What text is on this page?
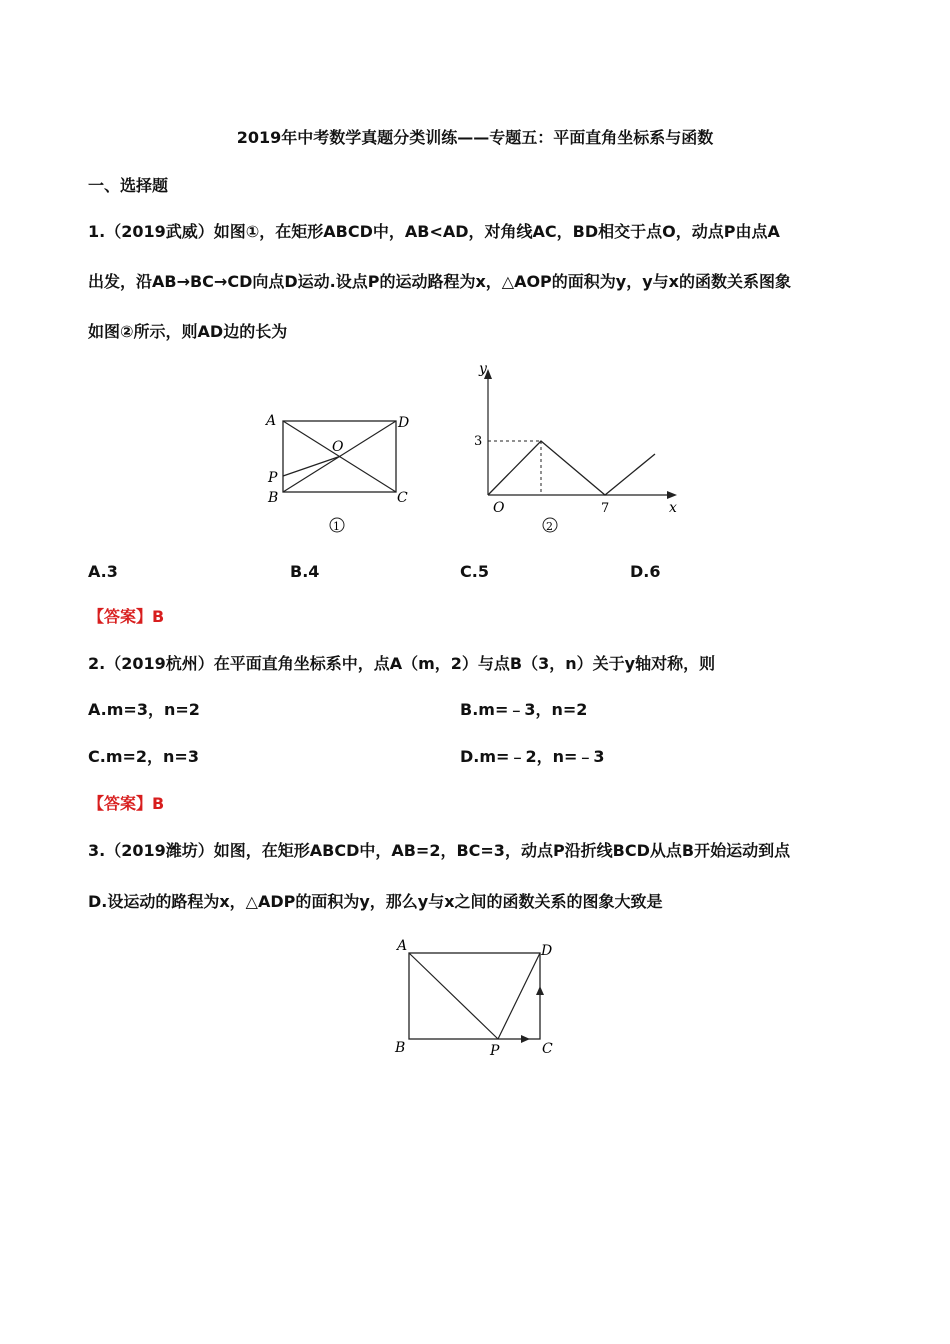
2019年中考数学真题分类训练——专题五：平面直角坐标系与函数
一、选择题
1.（2019武威）如图①，在矩形ABCD中，AB<AD，对角线AC，BD相交于点O，动点P由点A
出发，沿AB→BC→CD向点D运动.设点P的运动路程为x，△AOP的面积为y，y与x的函数关系图象
如图②所示，则AD边的长为
A	D
O
P
B	C
1
y
x
O
3
7
2
A.3	B.4	C.5	D.6
【答案】B
2.（2019杭州）在平面直角坐标系中，点A（m，2）与点B（3，n）关于y轴对称，则
A.m=3，n=2	B.m=﹣3，n=2
C.m=2，n=3	D.m=﹣2，n=﹣3
【答案】B
3.（2019潍坊）如图，在矩形ABCD中，AB=2，BC=3，动点P沿折线BCD从点B开始运动到点
D.设运动的路程为x，△ADP的面积为y，那么y与x之间的函数关系的图象大致是
A	D
B	P	C
